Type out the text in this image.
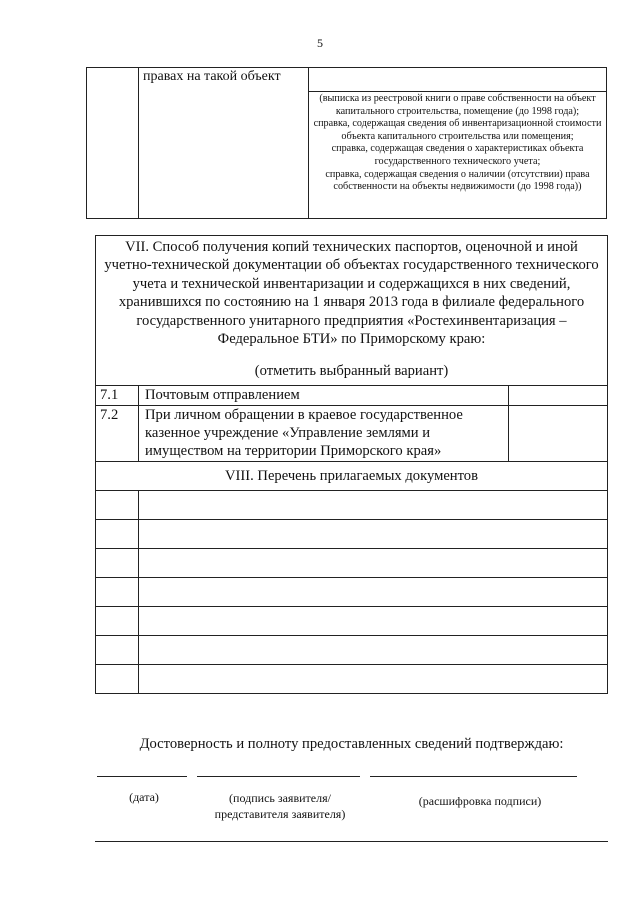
5
	правах на такой объект	

(выписка из реестровой книги о праве собственности на объект капитального строительства, помещение (до 1998 года);
справка, содержащая сведения об инвентаризационной стоимости объекта капитального строительства или помещения;
справка, содержащая сведения о характеристиках объекта государственного технического учета;
справка, содержащая сведения о наличии (отсутствии) права собственности на объекты недвижимости (до 1998 года))
VII. Способ получения копий технических паспортов, оценочной и иной учетно-технической документации об объектах государственного технического учета и технической инвентаризации и содержащихся в них сведений, хранившихся по состоянию на 1 января 2013 года в филиале федерального государственного унитарного предприятия «Ростехинвентаризация – Федеральное БТИ» по Приморскому краю:
(отметить выбранный вариант)		

7.1	Почтовым отправлением	
7.2	При личном обращении в краевое государственное казенное учреждение «Управление землями и имуществом на территории Приморского края»	
VIII. Перечень прилагаемых документов	

Достоверность и полноту предоставленных сведений подтверждаю:
(дата)	(подпись заявителя/представителя заявителя)
(расшифровка подписи)
